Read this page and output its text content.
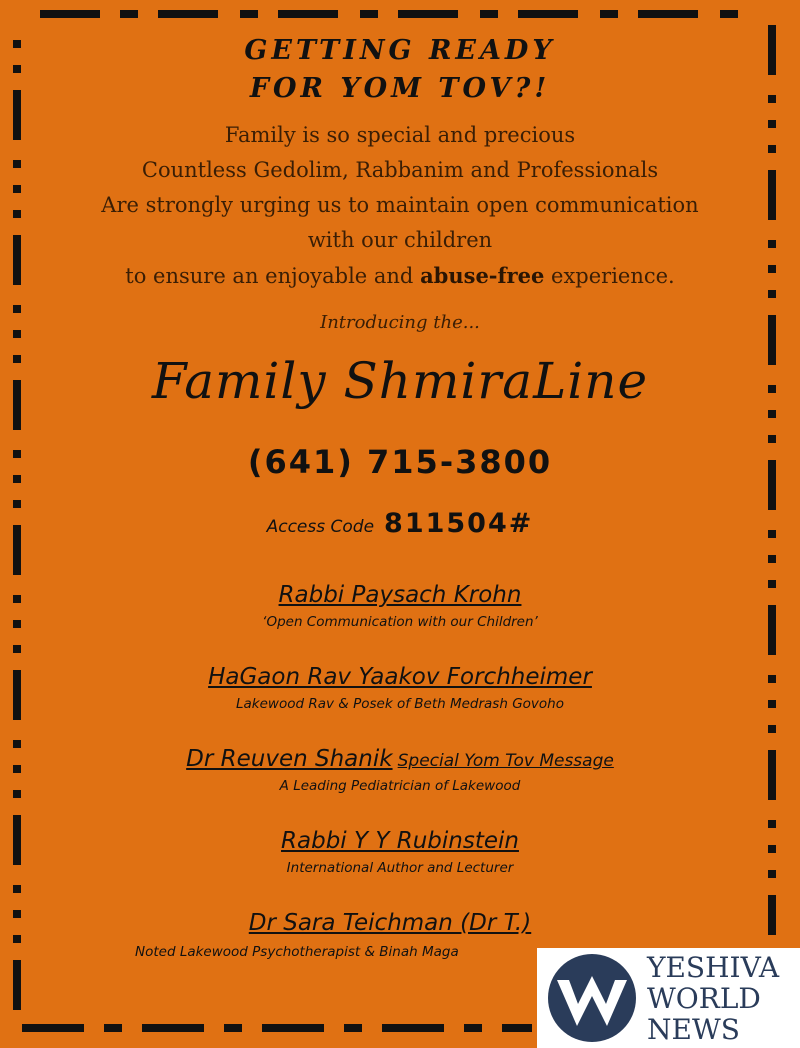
GETTING READY
FOR YOM TOV?!
Family is so special and precious
Countless Gedolim, Rabbanim and Professionals
Are strongly urging us to maintain open communication
with our children
to ensure an enjoyable and abuse-free experience.
Introducing the...
Family ShmiraLine
(641) 715-3800
Access Code 811504#
Rabbi Paysach Krohn
‘Open Communication with our Children’
HaGaon Rav Yaakov Forchheimer
Lakewood Rav & Posek of Beth Medrash Govoho
Dr Reuven Shanik Special Yom Tov Message
A Leading Pediatrician of Lakewood
Rabbi Y Y Rubinstein
International Author and Lecturer
Dr Sara Teichman (Dr T.)
Noted Lakewood Psychotherapist & Binah Maga	YESHIVA
WORLD
NEWS
